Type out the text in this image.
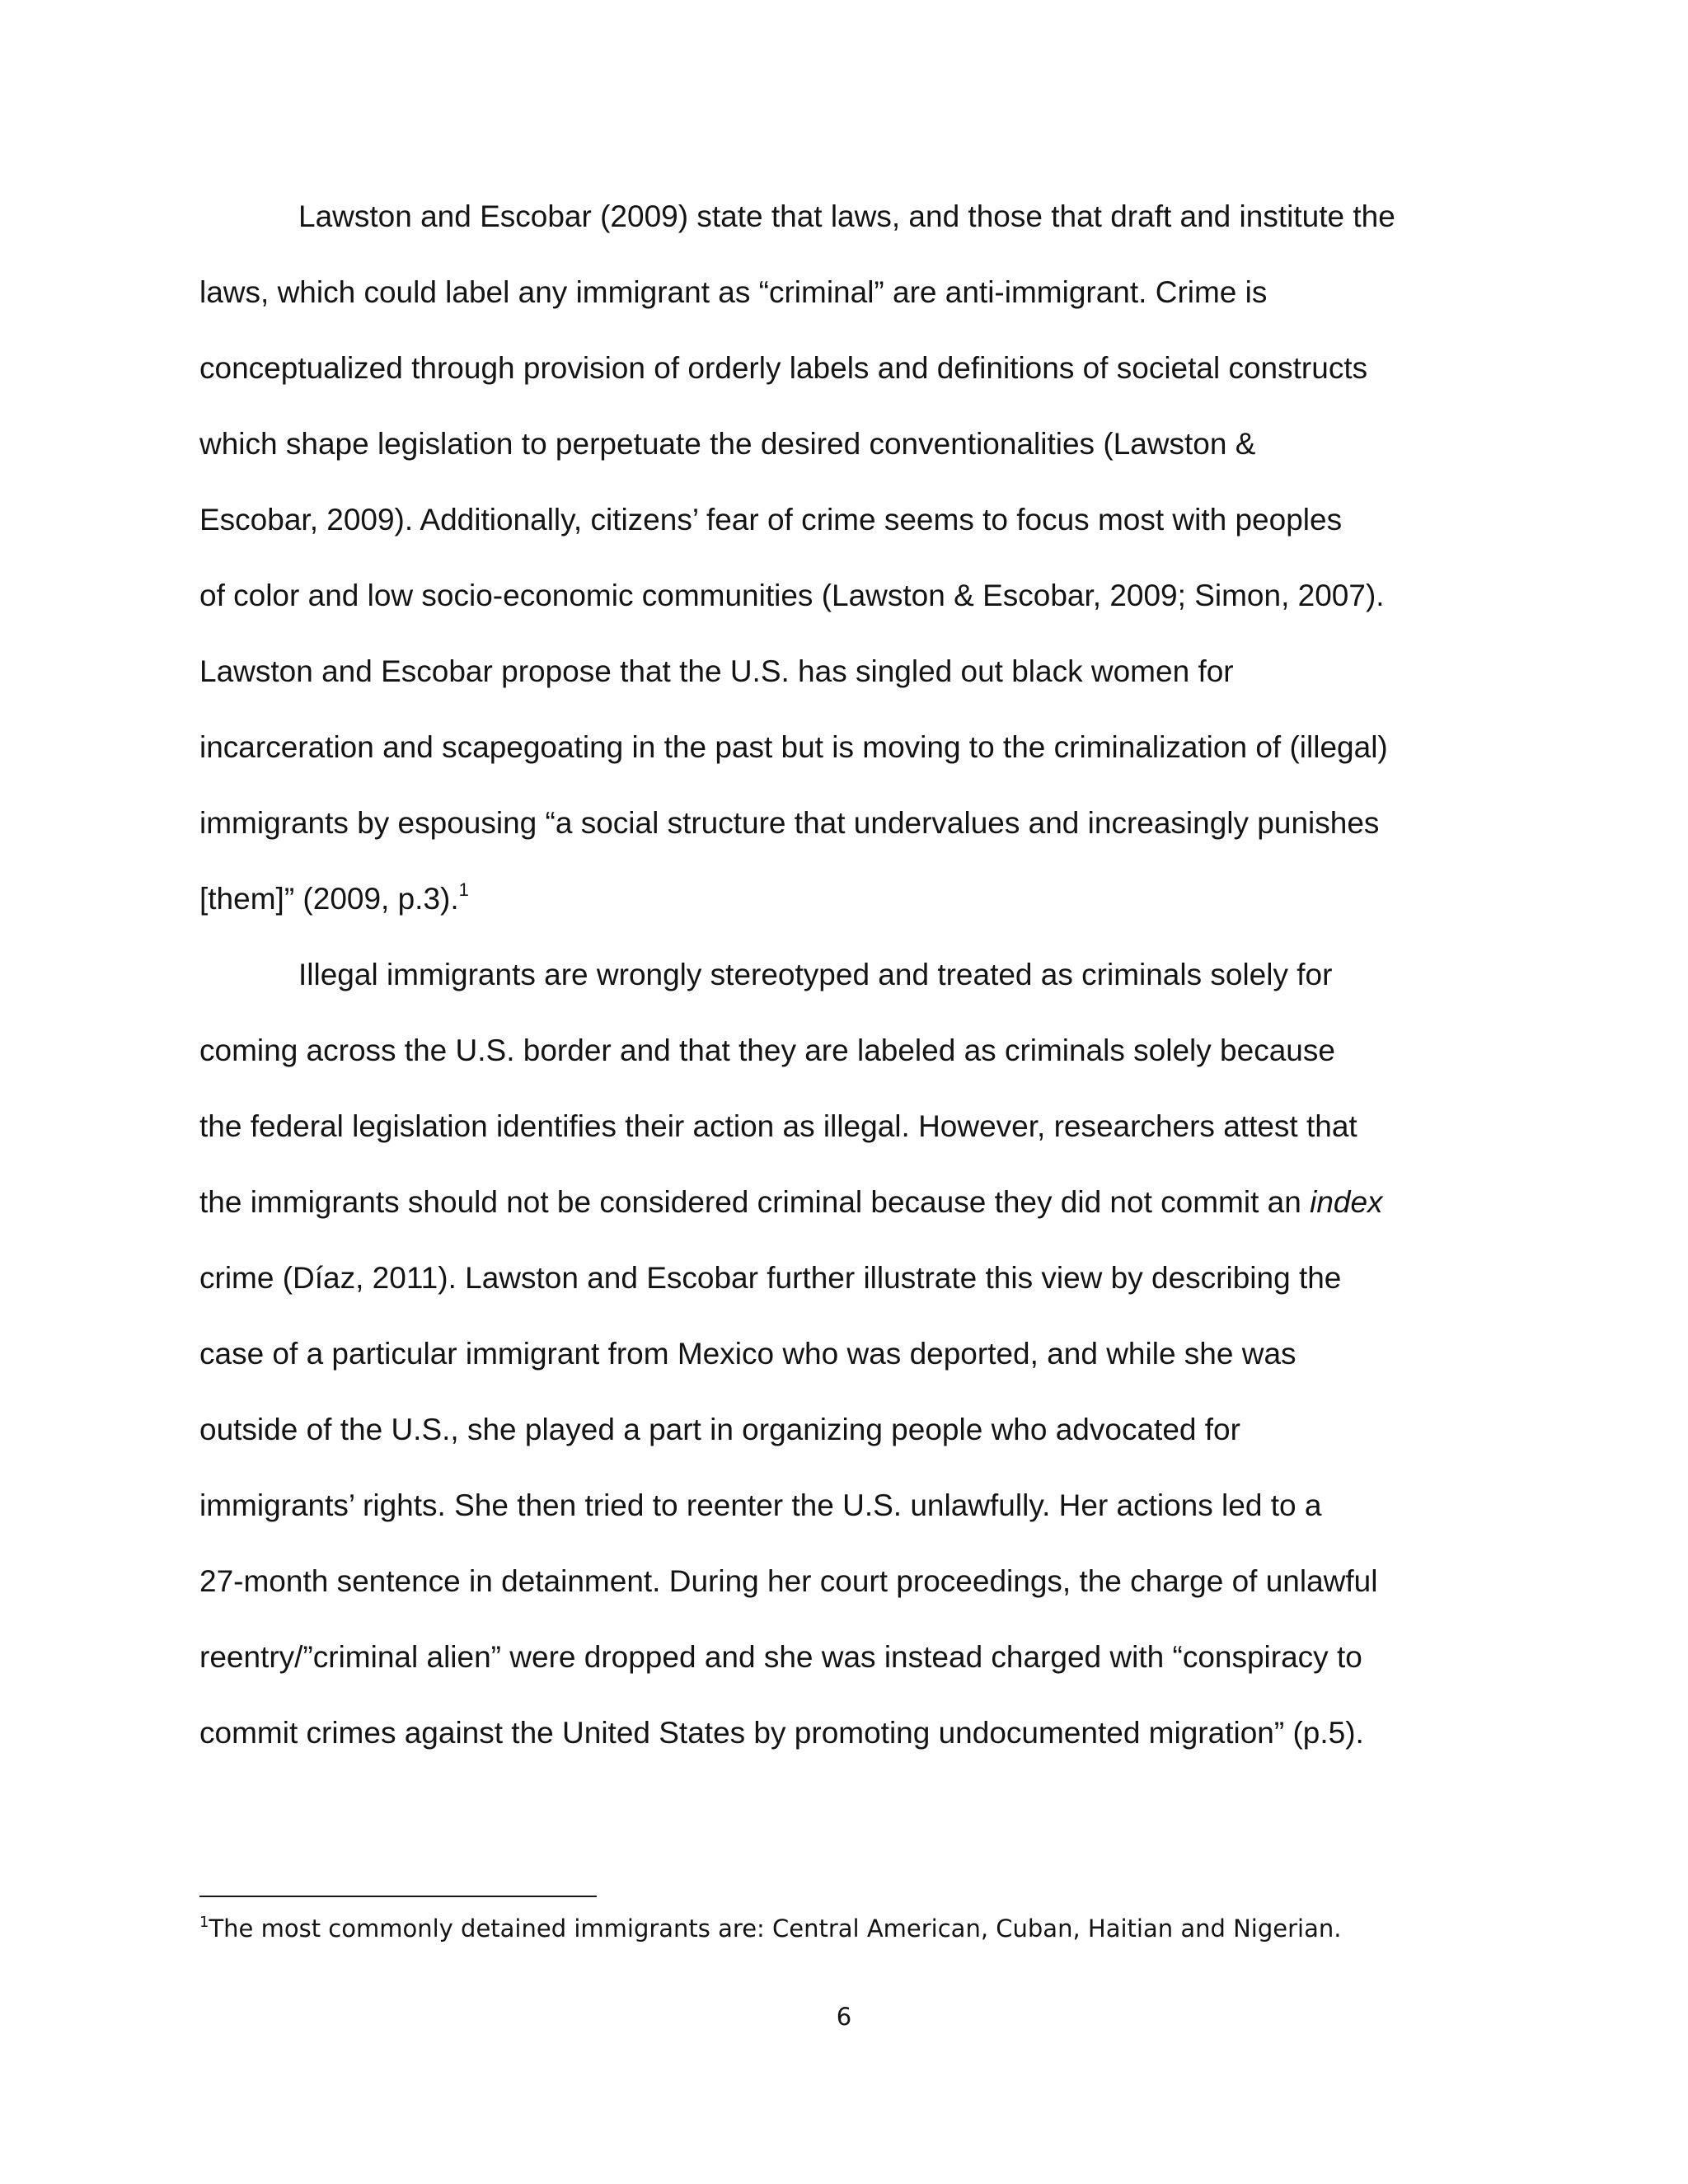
Lawston and Escobar (2009) state that laws, and those that draft and institute the
laws, which could label any immigrant as “criminal” are anti-immigrant. Crime is
conceptualized through provision of orderly labels and definitions of societal constructs
which shape legislation to perpetuate the desired conventionalities (Lawston &
Escobar, 2009). Additionally, citizens’ fear of crime seems to focus most with peoples
of color and low socio-economic communities (Lawston & Escobar, 2009; Simon, 2007).
Lawston and Escobar propose that the U.S. has singled out black women for
incarceration and scapegoating in the past but is moving to the criminalization of (illegal)
immigrants by espousing “a social structure that undervalues and increasingly punishes
[them]” (2009, p.3).$^1$
Illegal immigrants are wrongly stereotyped and treated as criminals solely for
coming across the U.S. border and that they are labeled as criminals solely because
the federal legislation identifies their action as illegal. However, researchers attest that
the immigrants should not be considered criminal because they did not commit an index
crime (Díaz, 2011). Lawston and Escobar further illustrate this view by describing the
case of a particular immigrant from Mexico who was deported, and while she was
outside of the U.S., she played a part in organizing people who advocated for
immigrants’ rights. She then tried to reenter the U.S. unlawfully. Her actions led to a
27-month sentence in detainment. During her court proceedings, the charge of unlawful
reentry/”criminal alien” were dropped and she was instead charged with “conspiracy to
commit crimes against the United States by promoting undocumented migration” (p.5).
$^1$The most commonly detained immigrants are: Central American, Cuban, Haitian and Nigerian.
6
